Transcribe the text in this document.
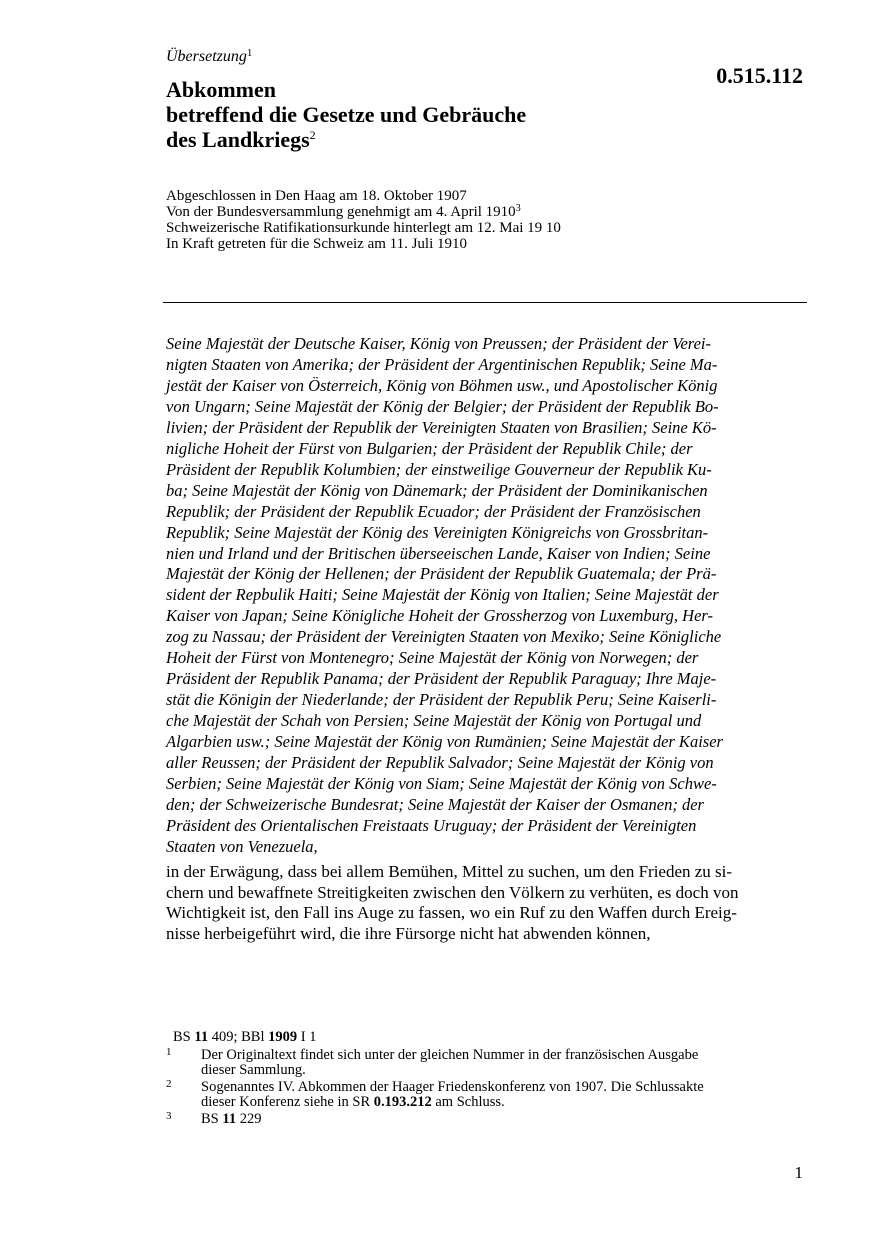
Übersetzung$^1$
0.515.112
Abkommen
betreffend die Gesetze und Gebräuche
des Landkriegs$^2$
Abgeschlossen in Den Haag am 18. Oktober 1907
Von der Bundesversammlung genehmigt am 4. April 1910$^3$
Schweizerische Ratifikationsurkunde hinterlegt am 12. Mai 19 10
In Kraft getreten für die Schweiz am 11. Juli 1910
Seine Majestät der Deutsche Kaiser, König von Preussen; der Präsident der Verei-
nigten Staaten von Amerika; der Präsident der Argentinischen Republik; Seine Ma-
jestät der Kaiser von Österreich, König von Böhmen usw., und Apostolischer König
von Ungarn; Seine Majestät der König der Belgier; der Präsident der Republik Bo-
livien; der Präsident der Republik der Vereinigten Staaten von Brasilien; Seine Kö-
nigliche Hoheit der Fürst von Bulgarien; der Präsident der Republik Chile; der
Präsident der Republik Kolumbien; der einstweilige Gouverneur der Republik Ku-
ba; Seine Majestät der König von Dänemark; der Präsident der Dominikanischen
Republik; der Präsident der Republik Ecuador; der Präsident der Französischen
Republik; Seine Majestät der König des Vereinigten Königreichs von Grossbritan-
nien und Irland und der Britischen überseeischen Lande, Kaiser von Indien; Seine
Majestät der König der Hellenen; der Präsident der Republik Guatemala; der Prä-
sident der Repbulik Haiti; Seine Majestät der König von Italien; Seine Majestät der
Kaiser von Japan; Seine Königliche Hoheit der Grossherzog von Luxemburg, Her-
zog zu Nassau; der Präsident der Vereinigten Staaten von Mexiko; Seine Königliche
Hoheit der Fürst von Montenegro; Seine Majestät der König von Norwegen; der
Präsident der Republik Panama; der Präsident der Republik Paraguay; Ihre Maje-
stät die Königin der Niederlande; der Präsident der Republik Peru; Seine Kaiserli-
che Majestät der Schah von Persien; Seine Majestät der König von Portugal und
Algarbien usw.; Seine Majestät der König von Rumänien; Seine Majestät der Kaiser
aller Reussen; der Präsident der Republik Salvador; Seine Majestät der König von
Serbien; Seine Majestät der König von Siam; Seine Majestät der König von Schwe-
den; der Schweizerische Bundesrat; Seine Majestät der Kaiser der Osmanen; der
Präsident des Orientalischen Freistaats Uruguay; der Präsident der Vereinigten
Staaten von Venezuela,
in der Erwägung, dass bei allem Bemühen, Mittel zu suchen, um den Frieden zu si-
chern und bewaffnete Streitigkeiten zwischen den Völkern zu verhüten, es doch von
Wichtigkeit ist, den Fall ins Auge zu fassen, wo ein Ruf zu den Waffen durch Ereig-
nisse herbeigeführt wird, die ihre Fürsorge nicht hat abwenden können,
BS 11 409; BBl 1909 I 1
1 Der Originaltext findet sich unter der gleichen Nummer in der französischen Ausgabe
dieser Sammlung.
2 Sogenanntes IV. Abkommen der Haager Friedenskonferenz von 1907. Die Schlussakte
dieser Konferenz siehe in SR 0.193.212 am Schluss.
3 BS 11 229
1
